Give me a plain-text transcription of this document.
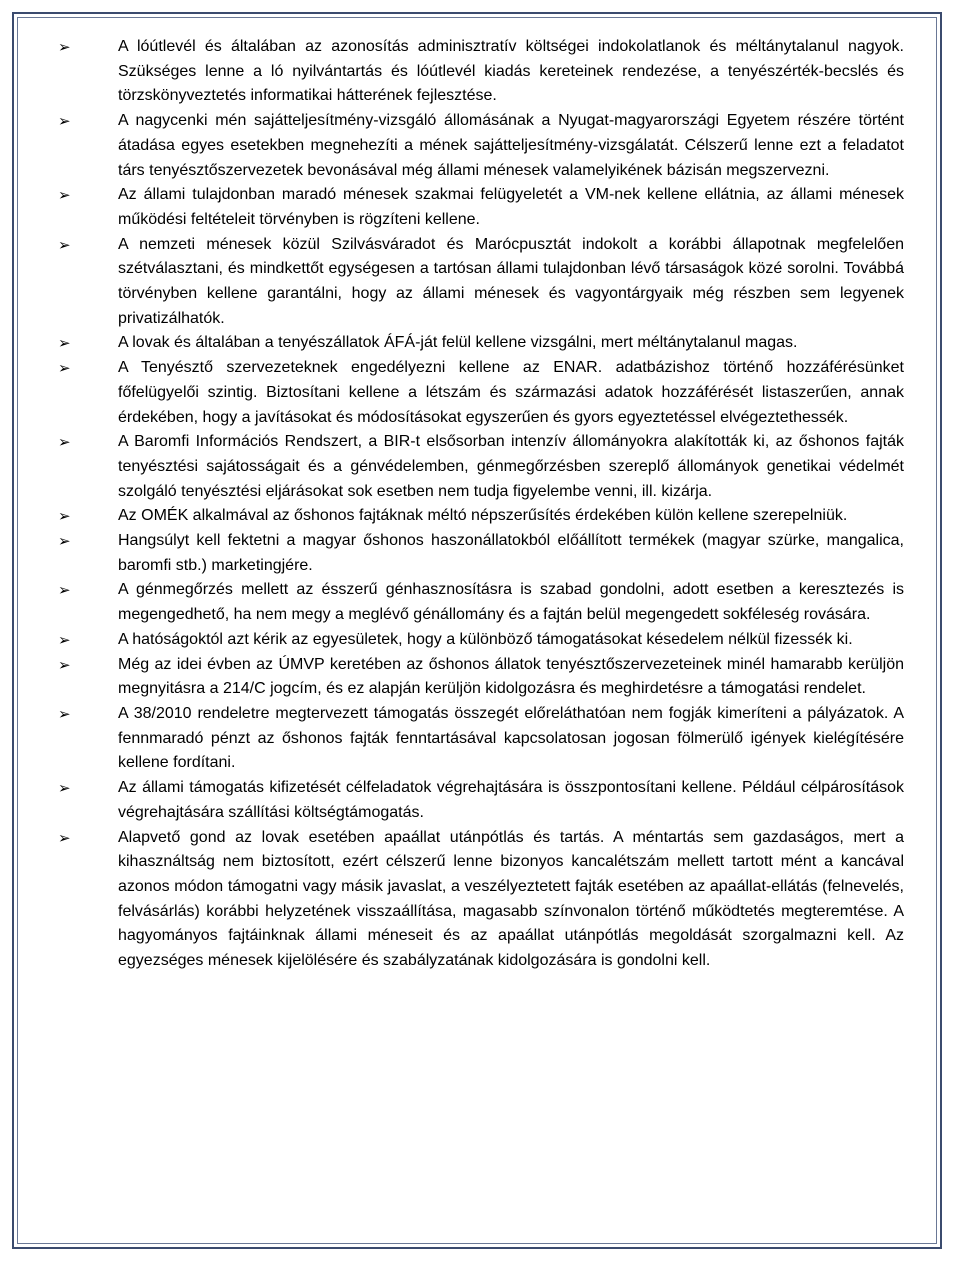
➢	A lóútlevél és általában az azonosítás adminisztratív költségei indokolatlanok és méltánytalanul nagyok. Szükséges lenne a ló nyilvántartás és lóútlevél kiadás kereteinek rendezése, a tenyészérték-becslés és törzskönyveztetés informatikai hátterének fejlesztése.
➢	A nagycenki mén sajátteljesítmény-vizsgáló állomásának a Nyugat-magyarországi Egyetem részére történt átadása egyes esetekben megnehezíti a mének sajátteljesítmény-vizsgálatát. Célszerű lenne ezt a feladatot társ tenyésztőszervezetek bevonásával még állami ménesek valamelyikének bázisán megszervezni.
➢	Az állami tulajdonban maradó ménesek szakmai felügyeletét a VM-nek kellene ellátnia, az állami ménesek működési feltételeit törvényben is rögzíteni kellene.
➢	A nemzeti ménesek közül Szilvásváradot és Marócpusztát indokolt a korábbi állapotnak megfelelően szétválasztani, és mindkettőt egységesen a tartósan állami tulajdonban lévő társaságok közé sorolni. Továbbá törvényben kellene garantálni, hogy az állami ménesek és vagyontárgyaik még részben sem legyenek privatizálhatók.
➢	A lovak és általában a tenyészállatok ÁFÁ-ját felül kellene vizsgálni, mert méltánytalanul magas.
➢	A Tenyésztő szervezeteknek engedélyezni kellene az ENAR. adatbázishoz történő hozzáférésünket főfelügyelői szintig. Biztosítani kellene a létszám és származási adatok hozzáférését listaszerűen, annak érdekében, hogy a javításokat és módosításokat egyszerűen és gyors egyeztetéssel elvégeztethessék.
➢	A Baromfi Információs Rendszert, a BIR-t elsősorban intenzív állományokra alakították ki, az őshonos fajták tenyésztési sajátosságait és a génvédelemben, génmegőrzésben szereplő állományok genetikai védelmét szolgáló tenyésztési eljárásokat sok esetben nem tudja figyelembe venni, ill. kizárja.
➢	Az OMÉK alkalmával az őshonos fajtáknak méltó népszerűsítés érdekében külön kellene szerepelniük.
➢	Hangsúlyt kell fektetni a magyar őshonos haszonállatokból előállított termékek (magyar szürke, mangalica, baromfi stb.) marketingjére.
➢	A génmegőrzés mellett az ésszerű génhasznosításra is szabad gondolni, adott esetben a keresztezés is megengedhető, ha nem megy a meglévő génállomány és a fajtán belül megengedett sokféleség rovására.
➢	A hatóságoktól azt kérik az egyesületek, hogy a különböző támogatásokat késedelem nélkül fizessék ki.
➢	Még az idei évben az ÚMVP keretében az őshonos állatok tenyésztőszervezeteinek minél hamarabb kerüljön megnyitásra a 214/C jogcím, és ez alapján kerüljön kidolgozásra és meghirdetésre a támogatási rendelet.
➢	A 38/2010 rendeletre megtervezett támogatás összegét előreláthatóan nem fogják kimeríteni a pályázatok. A fennmaradó pénzt az őshonos fajták fenntartásával kapcsolatosan jogosan fölmerülő igények kielégítésére kellene fordítani.
➢	Az állami támogatás kifizetését célfeladatok végrehajtására is összpontosítani kellene. Például célpárosítások végrehajtására szállítási költségtámogatás.
➢	Alapvető gond az lovak esetében apaállat utánpótlás és tartás. A méntartás sem gazdaságos, mert a kihasználtság nem biztosított, ezért célszerű lenne bizonyos kancalétszám mellett tartott mént a kancával azonos módon támogatni vagy másik javaslat, a veszélyeztetett fajták esetében az apaállat-ellátás (felnevelés, felvásárlás) korábbi helyzetének visszaállítása, magasabb színvonalon történő működtetés megteremtése. A hagyományos fajtáinknak állami méneseit és az apaállat utánpótlás megoldását szorgalmazni kell. Az egyezséges ménesek kijelölésére és szabályzatának kidolgozására is gondolni kell.
